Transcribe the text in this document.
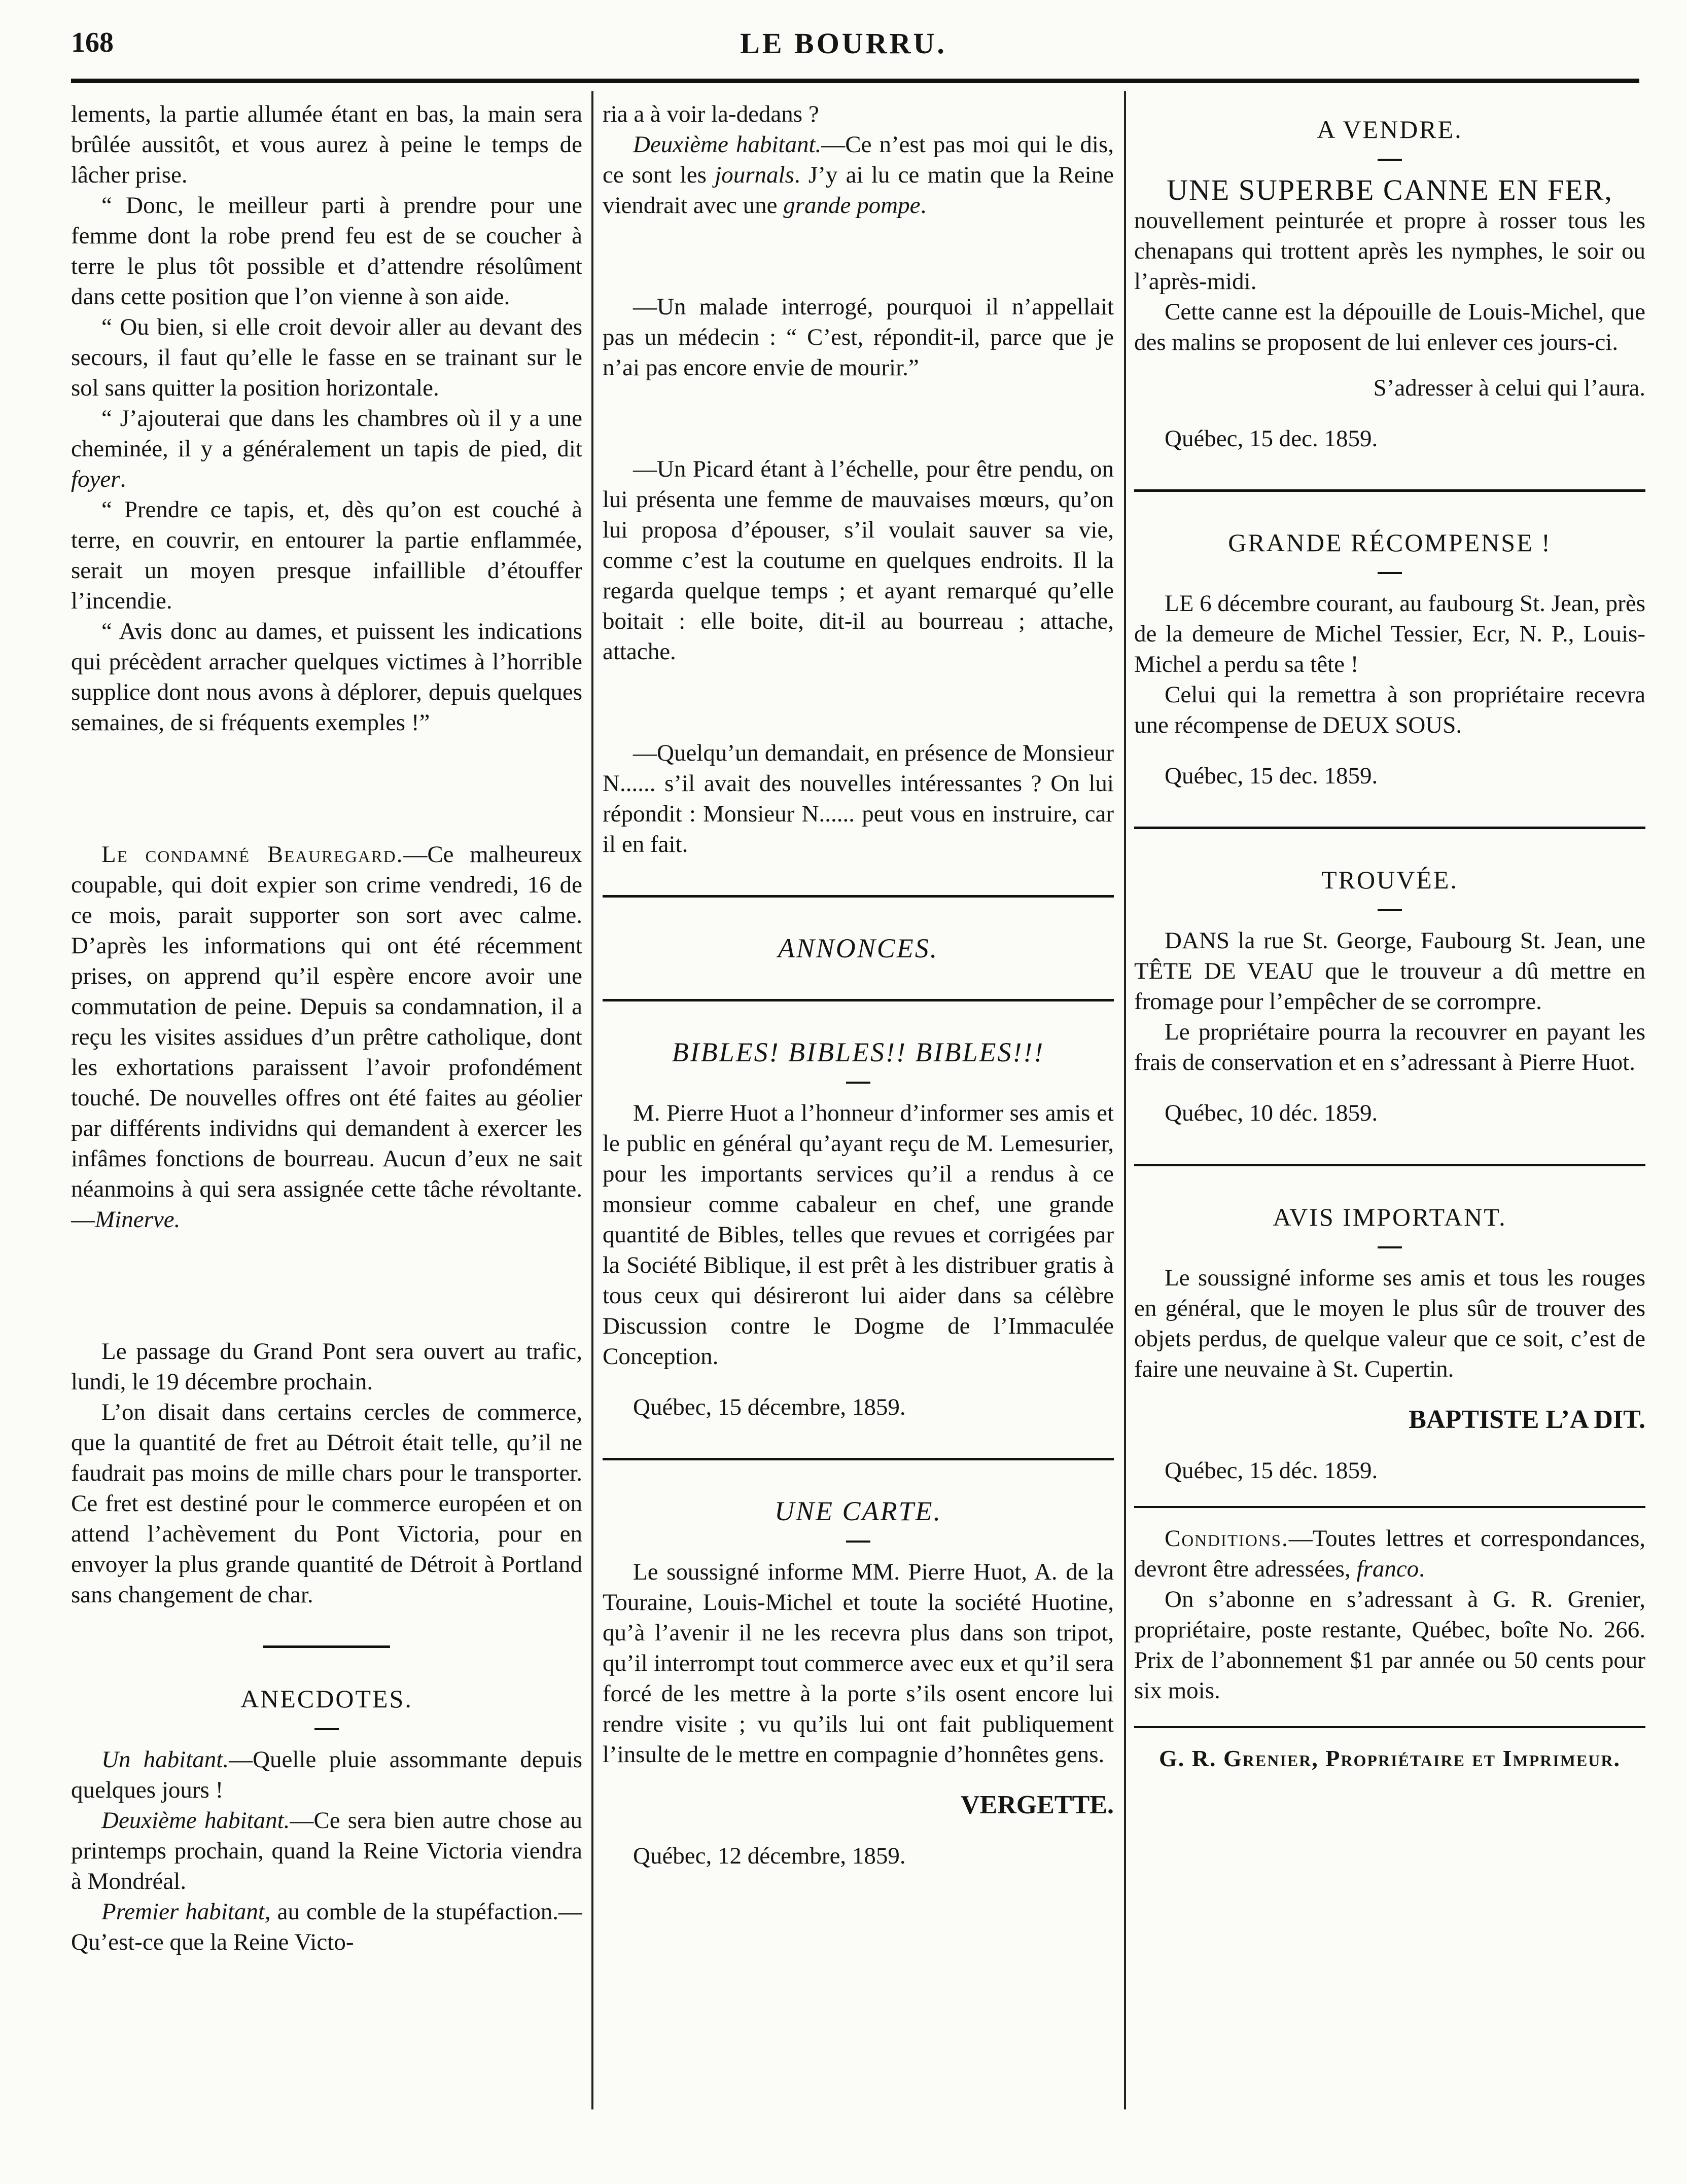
168	LE BOURRU.

lements, la partie allumée étant en bas, la main sera brûlée aussitôt, et vous aurez à peine le temps de lâcher prise.

“ Donc, le meilleur parti à prendre pour une femme dont la robe prend feu est de se coucher à terre le plus tôt possible et d’attendre résolûment dans cette position que l’on vienne à son aide.

“ Ou bien, si elle croit devoir aller au devant des secours, il faut qu’elle le fasse en se trainant sur le sol sans quitter la position horizontale.

“ J’ajouterai que dans les chambres où il y a une cheminée, il y a généralement un tapis de pied, dit foyer.

“ Prendre ce tapis, et, dès qu’on est couché à terre, en couvrir, en entourer la partie enflammée, serait un moyen presque infaillible d’étouffer l’incendie.

“ Avis donc au dames, et puissent les indications qui précèdent arracher quelques victimes à l’horrible supplice dont nous avons à déplorer, depuis quelques semaines, de si fréquents exemples !”

Le condamné Beauregard.—Ce malheureux coupable, qui doit expier son crime vendredi, 16 de ce mois, parait supporter son sort avec calme. D’après les informations qui ont été récemment prises, on apprend qu’il espère encore avoir une commutation de peine. Depuis sa condamnation, il a reçu les visites assidues d’un prêtre catholique, dont les exhortations paraissent l’avoir profondément touché. De nouvelles offres ont été faites au géolier par différents individns qui demandent à exercer les infâmes fonctions de bourreau. Aucun d’eux ne sait néanmoins à qui sera assignée cette tâche révoltante.—Minerve.

Le passage du Grand Pont sera ouvert au trafic, lundi, le 19 décembre prochain.

L’on disait dans certains cercles de commerce, que la quantité de fret au Détroit était telle, qu’il ne faudrait pas moins de mille chars pour le transporter. Ce fret est destiné pour le commerce européen et on attend l’achèvement du Pont Victoria, pour en envoyer la plus grande quantité de Détroit à Portland sans changement de char.

ANECDOTES.

Un habitant.—Quelle pluie assommante depuis quelques jours !

Deuxième habitant.—Ce sera bien autre chose au printemps prochain, quand la Reine Victoria viendra à Mondréal.

Premier habitant, au comble de la stupéfaction.—Qu’est-ce que la Reine Victo-

ria a à voir la-dedans ?

Deuxième habitant.—Ce n’est pas moi qui le dis, ce sont les journals. J’y ai lu ce matin que la Reine viendrait avec une grande pompe.

—Un malade interrogé, pourquoi il n’appellait pas un médecin : “ C’est, répondit-il, parce que je n’ai pas encore envie de mourir.”

—Un Picard étant à l’échelle, pour être pendu, on lui présenta une femme de mauvaises mœurs, qu’on lui proposa d’épouser, s’il voulait sauver sa vie, comme c’est la coutume en quelques endroits. Il la regarda quelque temps ; et ayant remarqué qu’elle boitait : elle boite, dit-il au bourreau ; attache, attache.

—Quelqu’un demandait, en présence de Monsieur N...... s’il avait des nouvelles intéressantes ? On lui répondit : Monsieur N...... peut vous en instruire, car il en fait.

ANNONCES.
BIBLES! BIBLES!! BIBLES!!!

M. Pierre Huot a l’honneur d’informer ses amis et le public en général qu’ayant reçu de M. Lemesurier, pour les importants services qu’il a rendus à ce monsieur comme cabaleur en chef, une grande quantité de Bibles, telles que revues et corrigées par la Société Biblique, il est prêt à les distribuer gratis à tous ceux qui désireront lui aider dans sa célèbre Discussion contre le Dogme de l’Immaculée Conception.

Québec, 15 décembre, 1859.

UNE CARTE.

Le soussigné informe MM. Pierre Huot, A. de la Touraine, Louis-Michel et toute la société Huotine, qu’à l’avenir il ne les recevra plus dans son tripot, qu’il interrompt tout commerce avec eux et qu’il sera forcé de les mettre à la porte s’ils osent encore lui rendre visite ; vu qu’ils lui ont fait publiquement l’insulte de le mettre en compagnie d’honnêtes gens.

VERGETTE.

Québec, 12 décembre, 1859.

A VENDRE.

UNE SUPERBE CANNE EN FER,

nouvellement peinturée et propre à rosser tous les chenapans qui trottent après les nymphes, le soir ou l’après-midi.

Cette canne est la dépouille de Louis-Michel, que des malins se proposent de lui enlever ces jours-ci.

S’adresser à celui qui l’aura.

Québec, 15 dec. 1859.

GRANDE RÉCOMPENSE !

LE 6 décembre courant, au faubourg St. Jean, près de la demeure de Michel Tessier, Ecr, N. P., Louis-Michel a perdu sa tête !

Celui qui la remettra à son propriétaire recevra une récompense de DEUX SOUS.

Québec, 15 dec. 1859.

TROUVÉE.

DANS la rue St. George, Faubourg St. Jean, une TÊTE DE VEAU que le trouveur a dû mettre en fromage pour l’empêcher de se corrompre.

Le propriétaire pourra la recouvrer en payant les frais de conservation et en s’adressant à Pierre Huot.

Québec, 10 déc. 1859.

AVIS IMPORTANT.

Le soussigné informe ses amis et tous les rouges en général, que le moyen le plus sûr de trouver des objets perdus, de quelque valeur que ce soit, c’est de faire une neuvaine à St. Cupertin.

BAPTISTE L’A DIT.

Québec, 15 déc. 1859.

Conditions.—Toutes lettres et correspondances, devront être adressées, franco.

On s’abonne en s’adressant à G. R. Grenier, propriétaire, poste restante, Québec, boîte No. 266. Prix de l’abonnement $1 par année ou 50 cents pour six mois.

G. R. Grenier, Propriétaire et Imprimeur.
